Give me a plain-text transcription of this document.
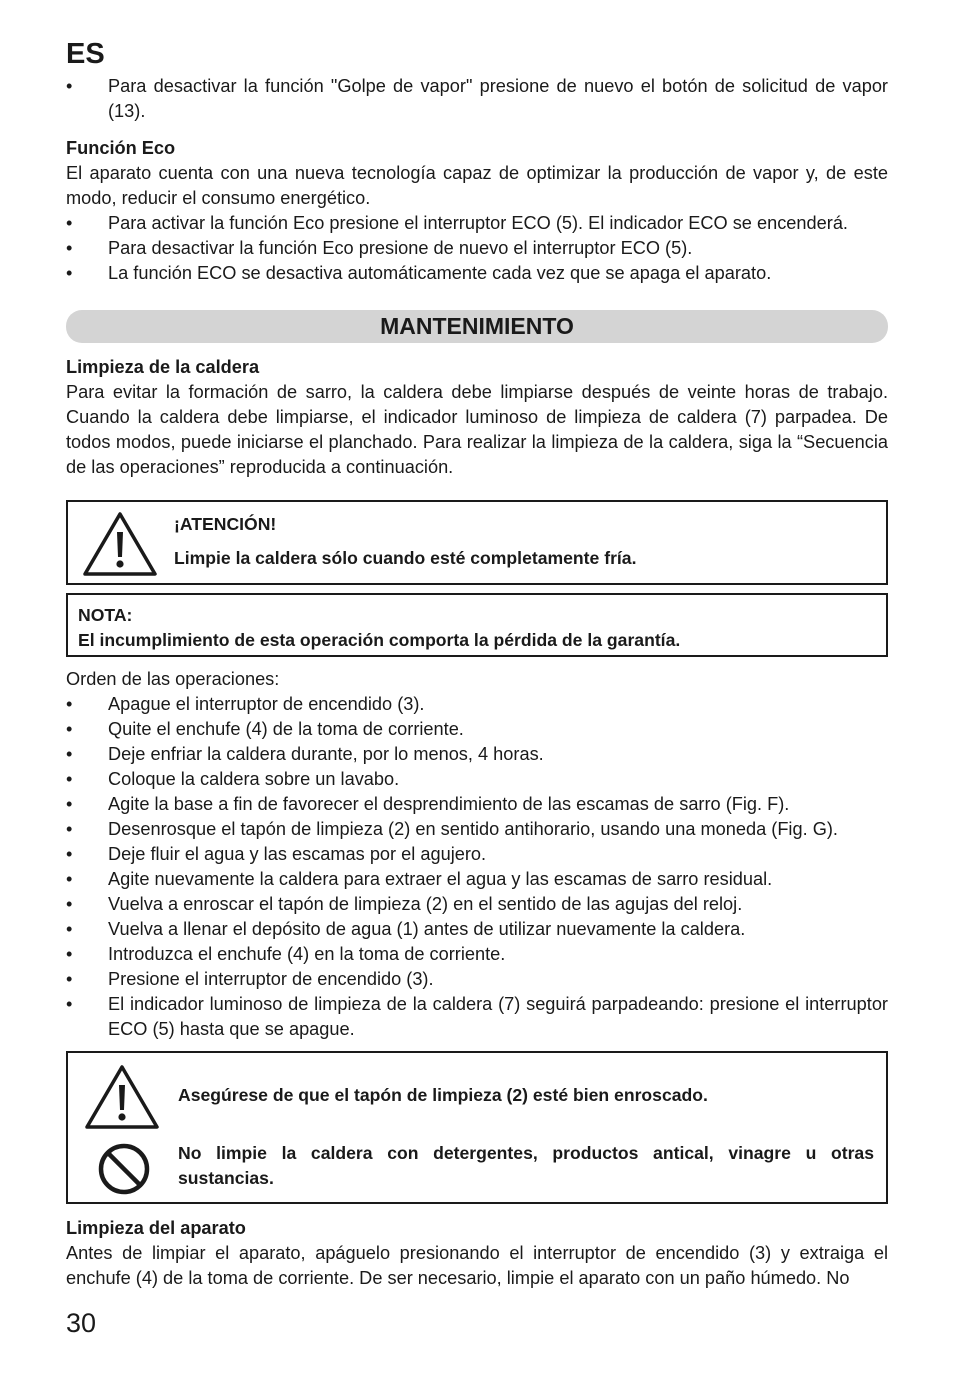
ES
• Para desactivar la función "Golpe de vapor" presione de nuevo el botón de solicitud de vapor (13).

Función Eco

El aparato cuenta con una nueva tecnología capaz de optimizar la producción de vapor y, de este modo, reducir el consumo energético.

• Para activar la función Eco presione el interruptor ECO (5). El indicador ECO se encenderá.
• Para desactivar la función Eco presione de nuevo el interruptor ECO (5).
• La función ECO se desactiva automáticamente cada vez que se apaga el aparato.
MANTENIMIENTO

Limpieza de la caldera

Para evitar la formación de sarro, la caldera debe limpiarse después de veinte horas de trabajo. Cuando la caldera debe limpiarse, el indicador luminoso de limpieza de caldera (7) parpadea. De todos modos, puede iniciarse el planchado. Para realizar la limpieza de la caldera, siga la “Secuencia de las operaciones” reproducida a continuación.

¡ATENCIÓN!
Limpie la caldera sólo cuando esté completamente fría.
NOTA:
El incumplimiento de esta operación comporta la pérdida de la garantía.

Orden de las operaciones:

• Apague el interruptor de encendido (3).
• Quite el enchufe (4) de la toma de corriente.
• Deje enfriar la caldera durante, por lo menos, 4 horas.
• Coloque la caldera sobre un lavabo.
• Agite la base a fin de favorecer el desprendimiento de las escamas de sarro (Fig. F).
• Desenrosque el tapón de limpieza (2) en sentido antihorario, usando una moneda (Fig. G).
• Deje fluir el agua y las escamas por el agujero.
• Agite nuevamente la caldera para extraer el agua y las escamas de sarro residual.
• Vuelva a enroscar el tapón de limpieza (2) en el sentido de las agujas del reloj.
• Vuelva a llenar el depósito de agua (1) antes de utilizar nuevamente la caldera.
• Introduzca el enchufe (4) en la toma de corriente.
• Presione el interruptor de encendido (3).
• El indicador luminoso de limpieza de la caldera (7) seguirá parpadeando: presione el interruptor ECO (5) hasta que se apague.
Asegúrese de que el tapón de limpieza (2) esté bien enroscado.
No limpie la caldera con detergentes, productos antical, vinagre u otras sustancias.

Limpieza del aparato

Antes de limpiar el aparato, apáguelo presionando el interruptor de encendido (3) y extraiga el enchufe (4) de la toma de corriente. De ser necesario, limpie el aparato con un paño húmedo. No

30
